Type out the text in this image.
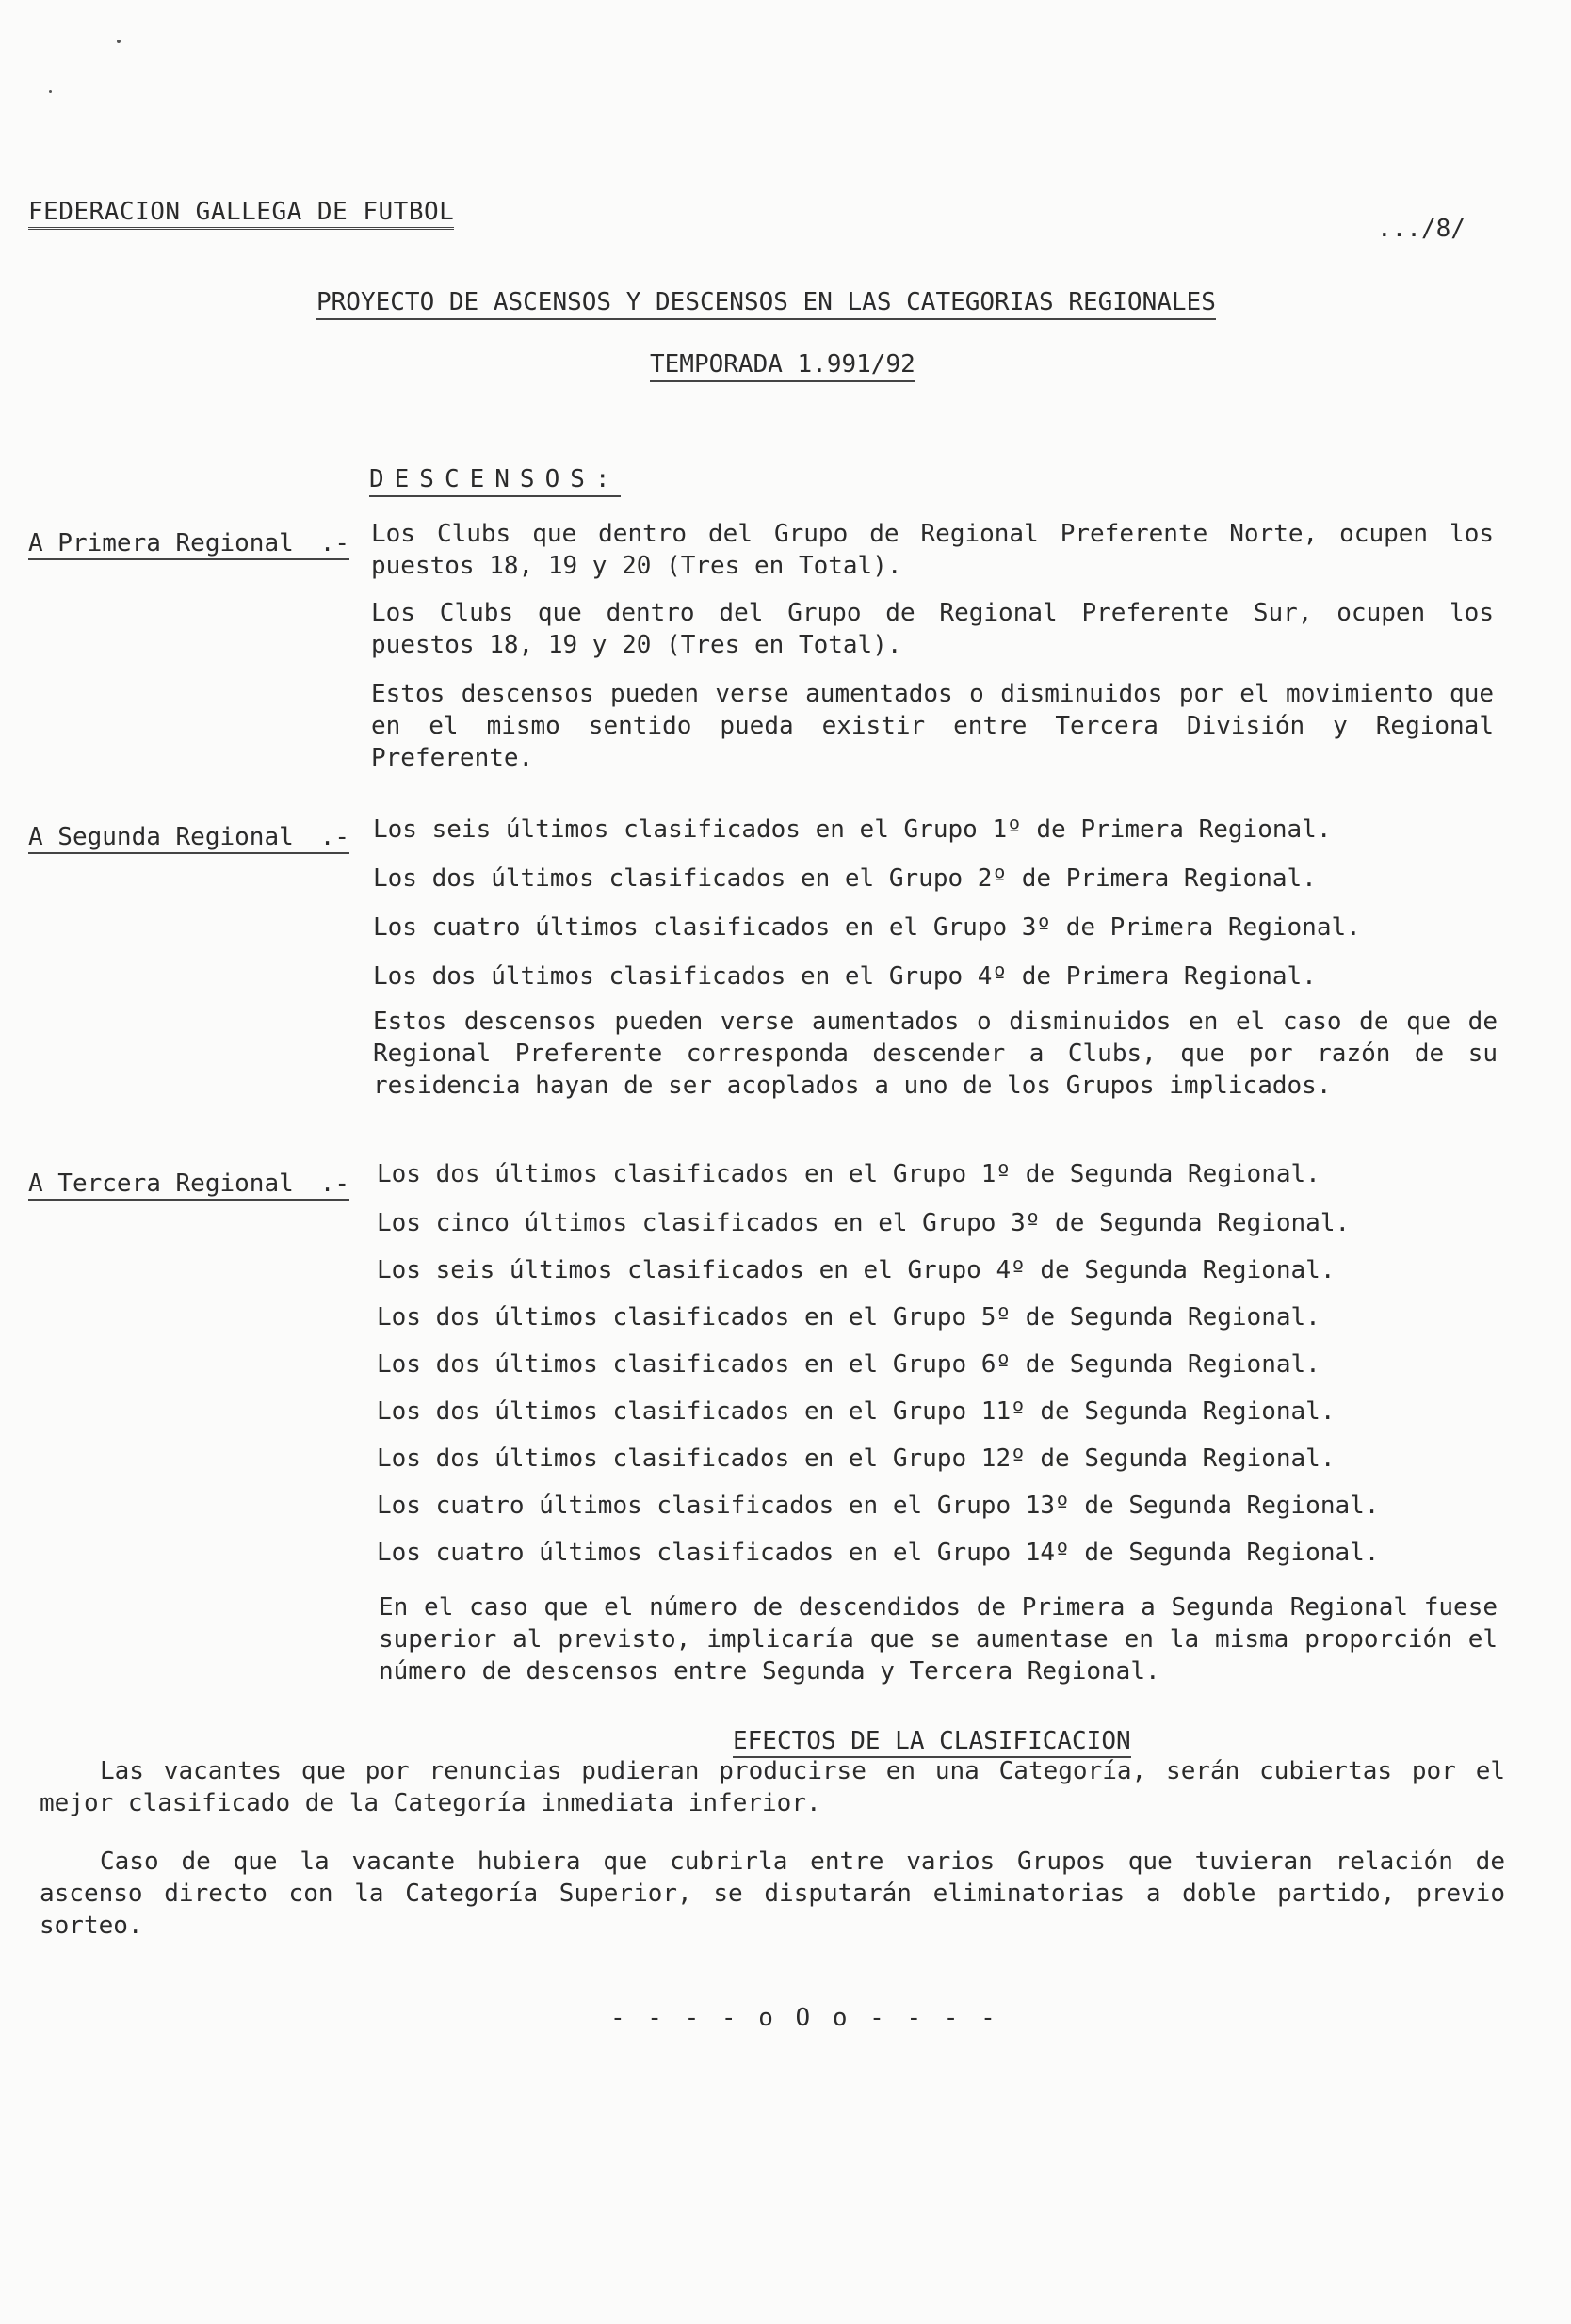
FEDERACION GALLEGA DE FUTBOL
.../8/
PROYECTO DE ASCENSOS Y DESCENSOS EN LAS CATEGORIAS REGIONALES
TEMPORADA 1.991/92
DESCENSOS:
A Primera Regional .- Los Clubs que dentro del Grupo de Regional Preferente Norte, ocupen los puestos 18, 19 y 20 (Tres en Total).
Los Clubs que dentro del Grupo de Regional Preferente Sur, ocupen los puestos 18, 19 y 20 (Tres en Total).
Estos descensos pueden verse aumentados o disminuidos por el movimiento que en el mismo sentido pueda existir entre Tercera División y Regional Preferente.
A Segunda Regional .- Los seis últimos clasificados en el Grupo 1º de Primera Regional.
Los dos últimos clasificados en el Grupo 2º de Primera Regional.
Los cuatro últimos clasificados en el Grupo 3º de Primera Regional.
Los dos últimos clasificados en el Grupo 4º de Primera Regional.
Estos descensos pueden verse aumentados o disminuidos en el caso de que de Regional Preferente corresponda descender a Clubs, que por razón de su residencia hayan de ser acoplados a uno de los Grupos implicados.
A Tercera Regional .- Los dos últimos clasificados en el Grupo 1º de Segunda Regional.
Los cinco últimos clasificados en el Grupo 3º de Segunda Regional.
Los seis últimos clasificados en el Grupo 4º de Segunda Regional.
Los dos últimos clasificados en el Grupo 5º de Segunda Regional.
Los dos últimos clasificados en el Grupo 6º de Segunda Regional.
Los dos últimos clasificados en el Grupo 11º de Segunda Regional.
Los dos últimos clasificados en el Grupo 12º de Segunda Regional.
Los cuatro últimos clasificados en el Grupo 13º de Segunda Regional.
Los cuatro últimos clasificados en el Grupo 14º de Segunda Regional.
En el caso que el número de descendidos de Primera a Segunda Regional fuese superior al previsto, implicaría que se aumentase en la misma proporción el número de descensos entre Segunda y Tercera Regional.
EFECTOS DE LA CLASIFICACION
Las vacantes que por renuncias pudieran producirse en una Categoría, serán cubiertas por el mejor clasificado de la Categoría inmediata inferior.
Caso de que la vacante hubiera que cubrirla entre varios Grupos que tuvieran relación de ascenso directo con la Categoría Superior, se disputarán eliminatorias a doble partido, previo sorteo.
- - - - o O o - - - -
